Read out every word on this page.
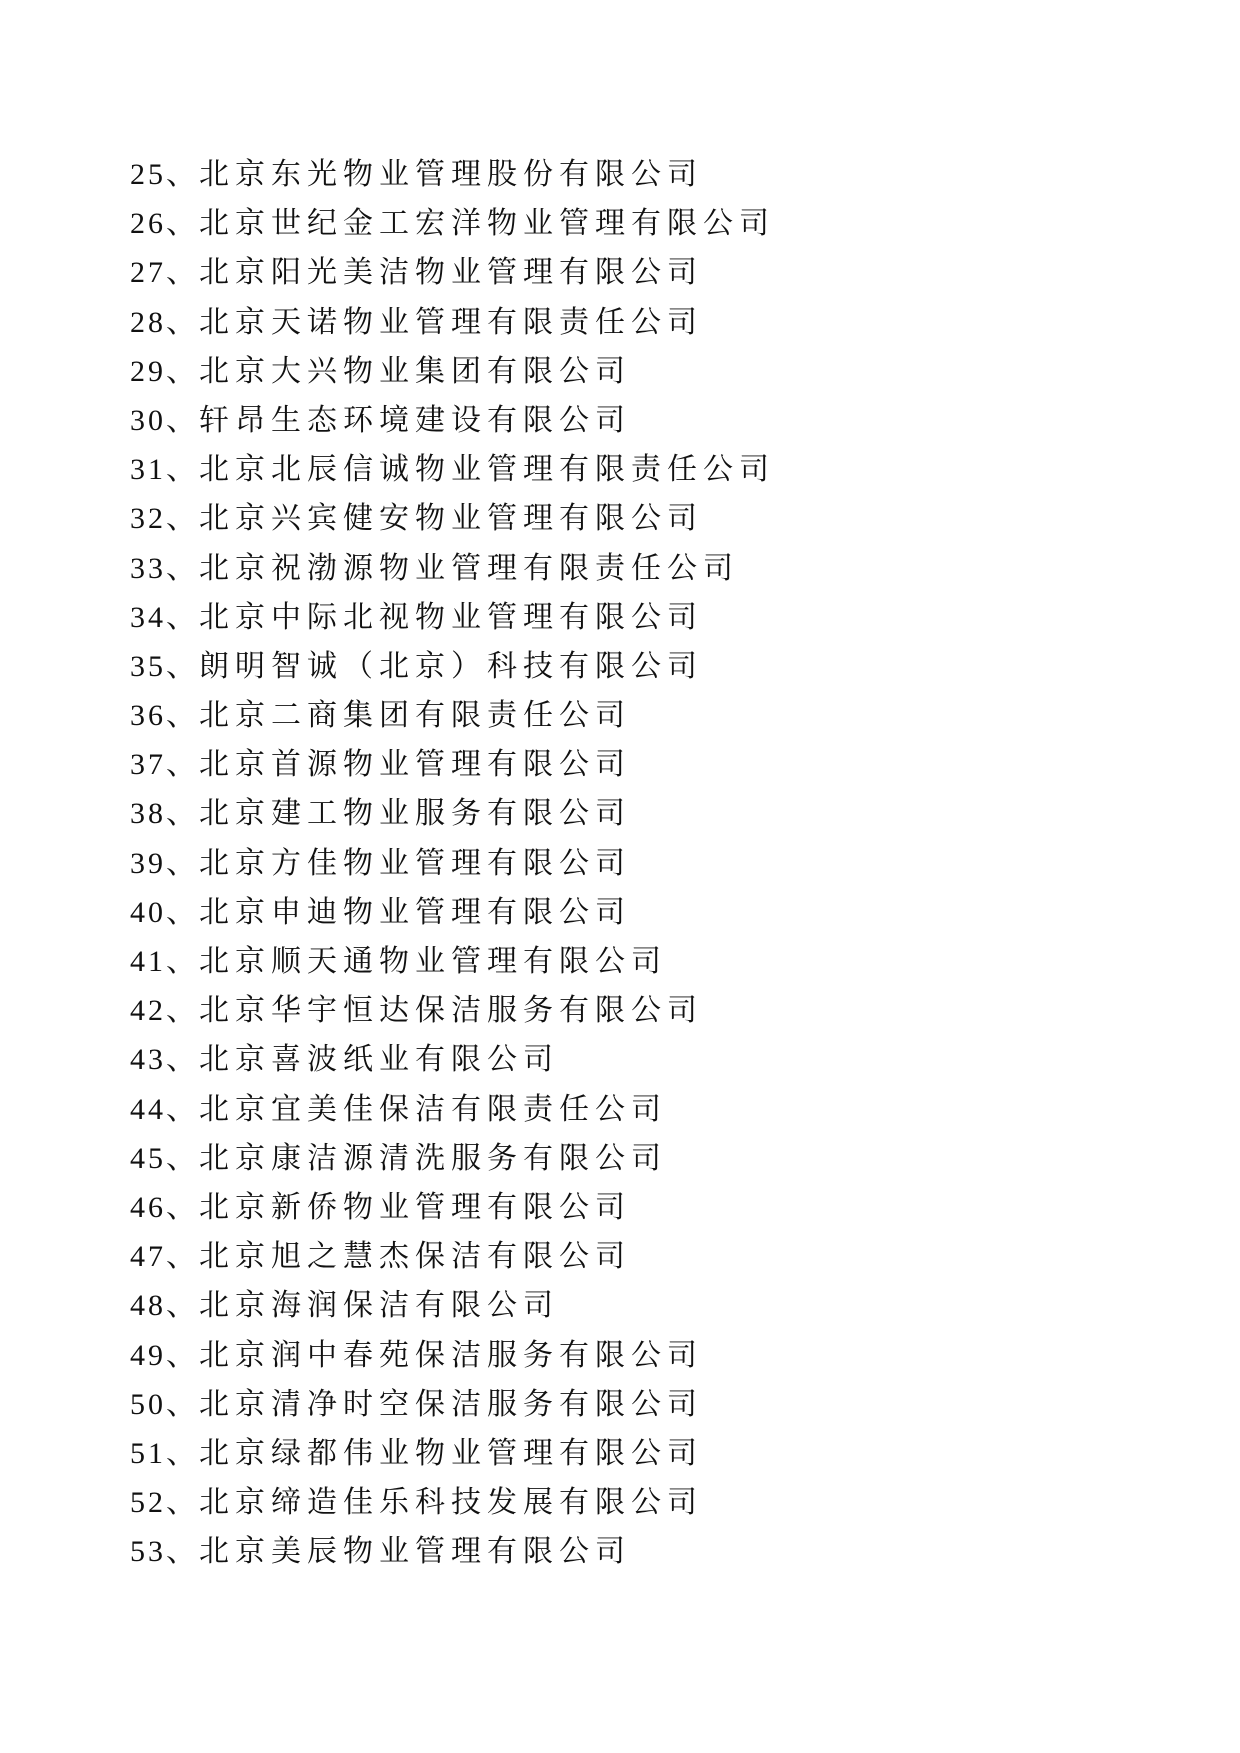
25、北京东光物业管理股份有限公司
26、北京世纪金工宏洋物业管理有限公司
27、北京阳光美洁物业管理有限公司
28、北京天诺物业管理有限责任公司
29、北京大兴物业集团有限公司
30、轩昂生态环境建设有限公司
31、北京北辰信诚物业管理有限责任公司
32、北京兴宾健安物业管理有限公司
33、北京祝渤源物业管理有限责任公司
34、北京中际北视物业管理有限公司
35、朗明智诚（北京）科技有限公司
36、北京二商集团有限责任公司
37、北京首源物业管理有限公司
38、北京建工物业服务有限公司
39、北京方佳物业管理有限公司
40、北京申迪物业管理有限公司
41、北京顺天通物业管理有限公司
42、北京华宇恒达保洁服务有限公司
43、北京喜波纸业有限公司
44、北京宜美佳保洁有限责任公司
45、北京康洁源清洗服务有限公司
46、北京新侨物业管理有限公司
47、北京旭之慧杰保洁有限公司
48、北京海润保洁有限公司
49、北京润中春苑保洁服务有限公司
50、北京清净时空保洁服务有限公司
51、北京绿都伟业物业管理有限公司
52、北京缔造佳乐科技发展有限公司
53、北京美辰物业管理有限公司
